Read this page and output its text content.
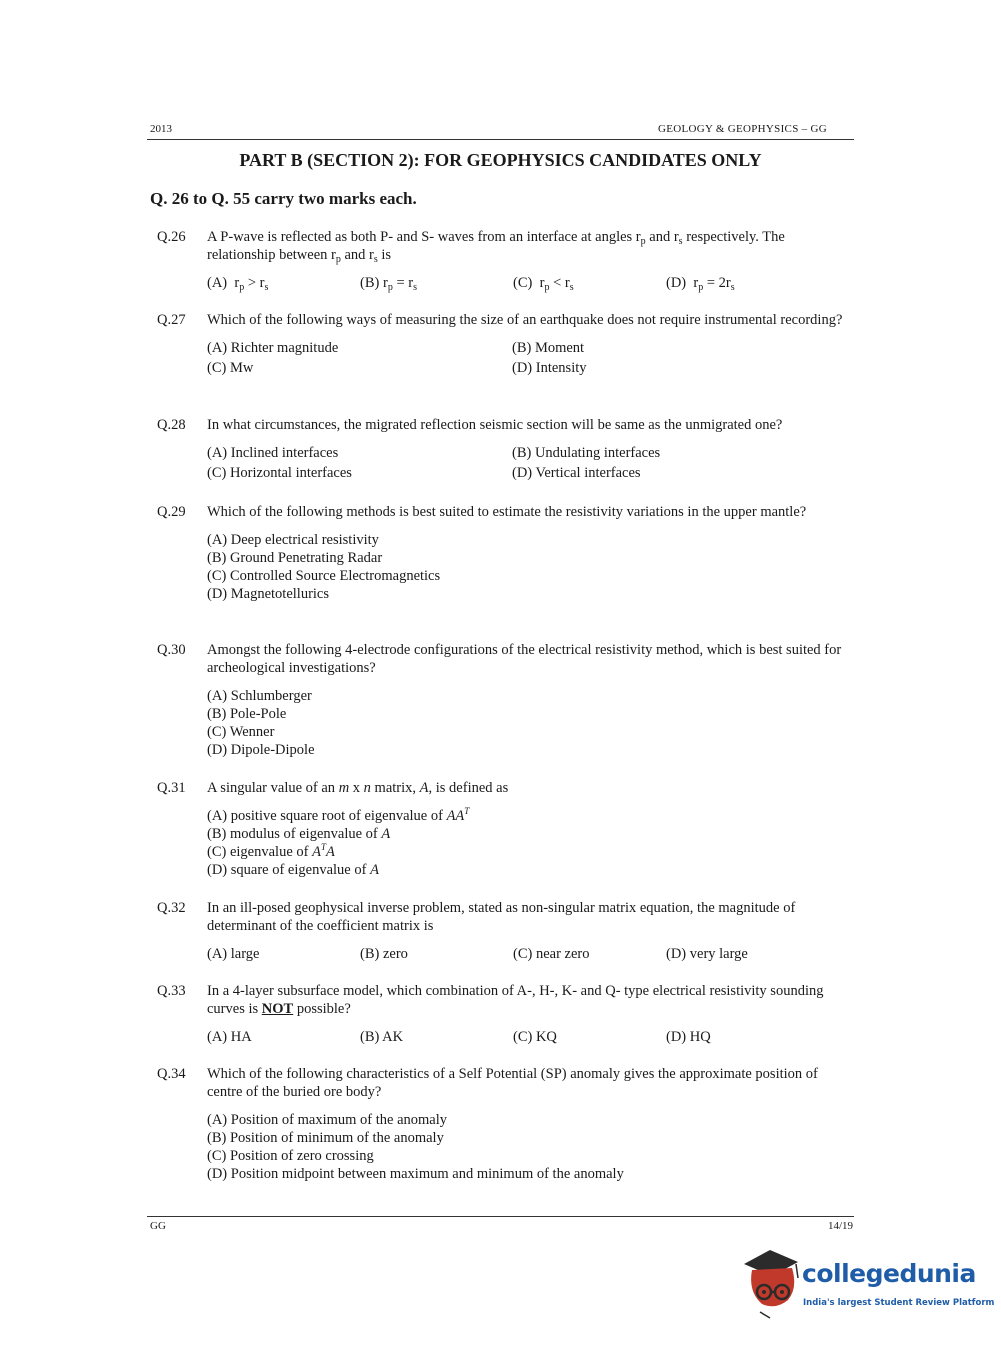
2013	GEOLOGY & GEOPHYSICS – GG
PART B (SECTION 2): FOR GEOPHYSICS CANDIDATES ONLY
Q. 26 to Q. 55 carry two marks each.
Q.26 A P-wave is reflected as both P- and S- waves from an interface at angles $r_p$ and $r_s$ respectively. The relationship between $r_p$ and $r_s$ is
(A) $r_p > r_s$	(B) $r_p = r_s$	(C) $r_p < r_s$	(D) $r_p = 2r_s$
Q.27 Which of the following ways of measuring the size of an earthquake does not require instrumental recording?
(A) Richter magnitude	(B) Moment
(C) Mw	(D) Intensity
Q.28 In what circumstances, the migrated reflection seismic section will be same as the unmigrated one?
(A) Inclined interfaces	(B) Undulating interfaces
(C) Horizontal interfaces	(D) Vertical interfaces
Q.29 Which of the following methods is best suited to estimate the resistivity variations in the upper mantle?
(A) Deep electrical resistivity
(B) Ground Penetrating Radar
(C) Controlled Source Electromagnetics
(D) Magnetotellurics
Q.30 Amongst the following 4-electrode configurations of the electrical resistivity method, which is best suited for archeological investigations?
(A) Schlumberger
(B) Pole-Pole
(C) Wenner
(D) Dipole-Dipole
Q.31 A singular value of an m x n matrix, A, is defined as
(A) positive square root of eigenvalue of $AA^T$
(B) modulus of eigenvalue of A
(C) eigenvalue of $A^TA$
(D) square of eigenvalue of A
Q.32 In an ill-posed geophysical inverse problem, stated as non-singular matrix equation, the magnitude of determinant of the coefficient matrix is
(A) large	(B) zero	(C) near zero	(D) very large
Q.33 In a 4-layer subsurface model, which combination of A-, H-, K- and Q- type electrical resistivity sounding curves is NOT possible?
(A) HA	(B) AK	(C) KQ	(D) HQ
Q.34 Which of the following characteristics of a Self Potential (SP) anomaly gives the approximate position of centre of the buried ore body?
(A) Position of maximum of the anomaly
(B) Position of minimum of the anomaly
(C) Position of zero crossing
(D) Position midpoint between maximum and minimum of the anomaly
GG	14/19
collegedunia
India's largest Student Review Platform
